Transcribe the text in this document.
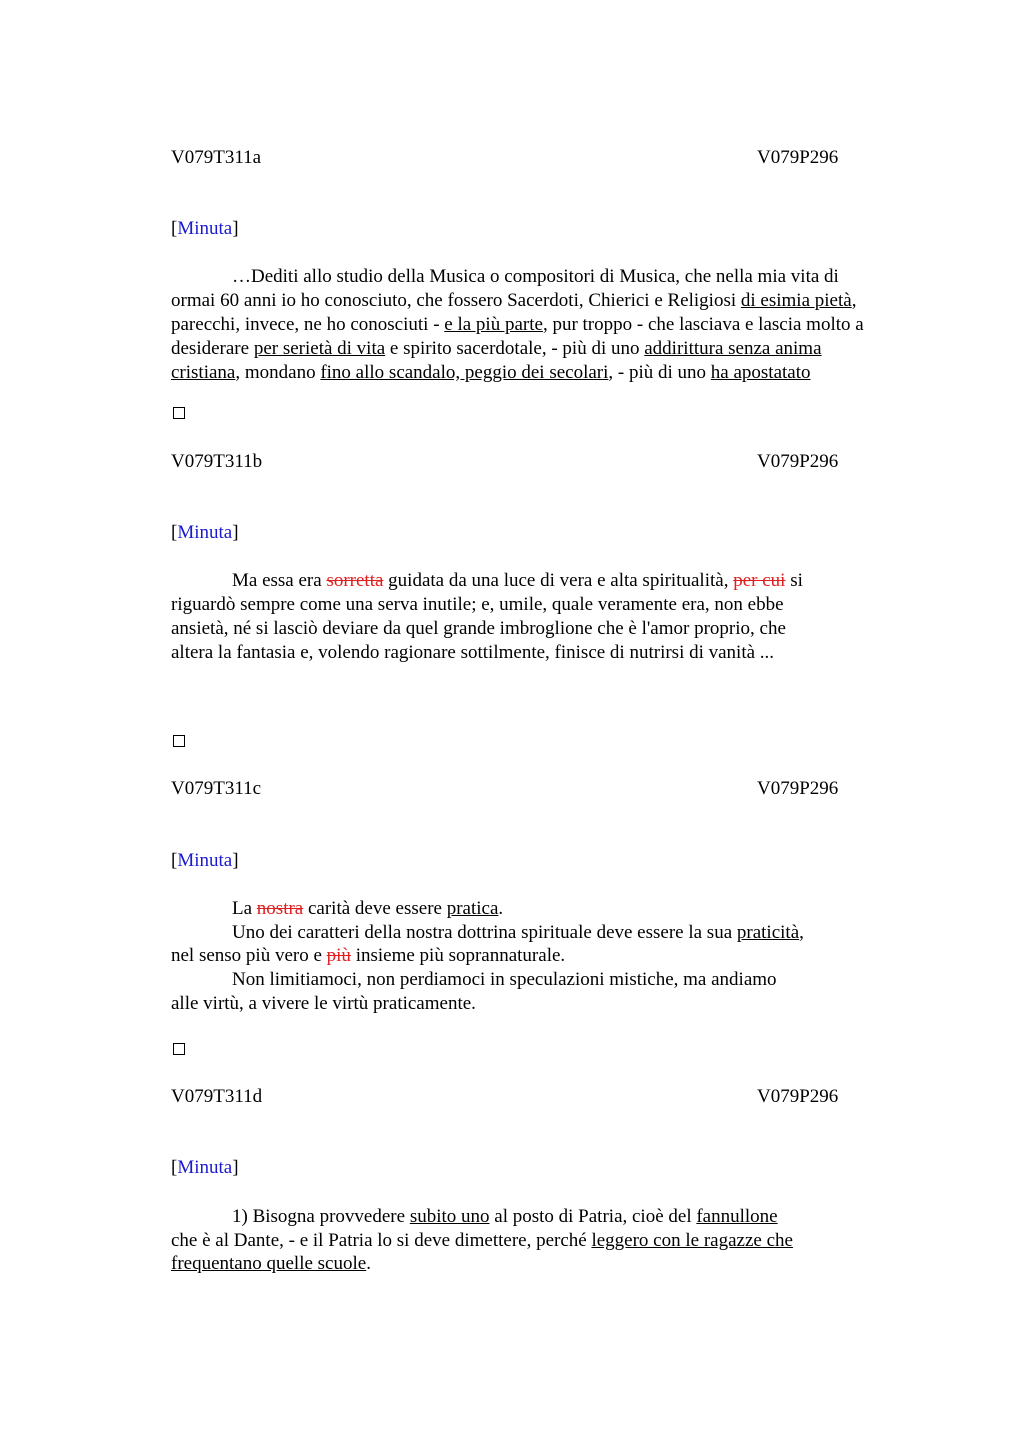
V079T311a	V079P296
[Minuta]
…Dediti allo studio della Musica o compositori di Musica, che nella mia vita di
ormai 60 anni io ho conosciuto, che fossero Sacerdoti, Chierici e Religiosi di esimia pietà,
parecchi, invece, ne ho conosciuti - e la più parte, pur troppo - che lasciava e lascia molto a
desiderare per serietà di vita e spirito sacerdotale, - più di uno addirittura senza anima
cristiana, mondano fino allo scandalo, peggio dei secolari, - più di uno ha apostatato
V079T311b	V079P296
[Minuta]
Ma essa era sorretta guidata da una luce di vera e alta spiritualità, per cui si
riguardò sempre come una serva inutile; e, umile, quale veramente era, non ebbe
ansietà, né si lasciò deviare da quel grande imbroglione che è l'amor proprio, che
altera la fantasia e, volendo ragionare sottilmente, finisce di nutrirsi di vanità ...
V079T311c	V079P296
[Minuta]
La nostra carità deve essere pratica.
Uno dei caratteri della nostra dottrina spirituale deve essere la sua praticità,
nel senso più vero e più insieme più soprannaturale.
Non limitiamoci, non perdiamoci in speculazioni mistiche, ma andiamo
alle virtù, a vivere le virtù praticamente.
V079T311d	V079P296
[Minuta]
1) Bisogna provvedere subito uno al posto di Patria, cioè del fannullone
che è al Dante, - e il Patria lo si deve dimettere, perché leggero con le ragazze che
frequentano quelle scuole.
